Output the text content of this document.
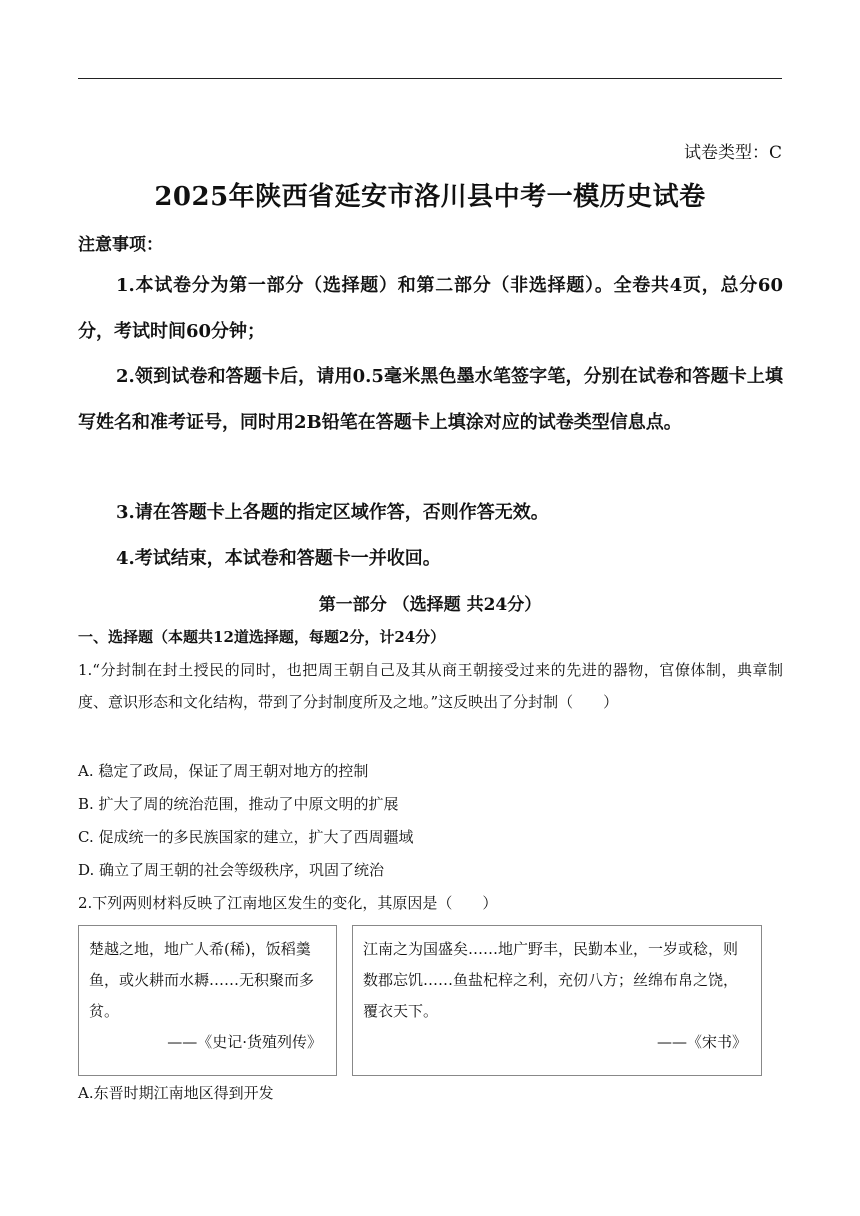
试卷类型：C
2025年陕西省延安市洛川县中考一模历史试卷
注意事项：
1.本试卷分为第一部分（选择题）和第二部分（非选择题）。全卷共4页，总分60分，考试时间60分钟；
2.领到试卷和答题卡后，请用0.5毫米黑色墨水笔签字笔，分别在试卷和答题卡上填写姓名和准考证号，同时用2B铅笔在答题卡上填涂对应的试卷类型信息点。
3.请在答题卡上各题的指定区域作答，否则作答无效。
4.考试结束，本试卷和答题卡一并收回。
第一部分 （选择题 共24分）
一、选择题（本题共12道选择题，每题2分，计24分）
1.“分封制在封土授民的同时，也把周王朝自己及其从商王朝接受过来的先进的器物，官僚体制，典章制度、意识形态和文化结构，带到了分封制度所及之地。”这反映出了分封制（　　）
A. 稳定了政局，保证了周王朝对地方的控制
B. 扩大了周的统治范围，推动了中原文明的扩展
C. 促成统一的多民族国家的建立，扩大了西周疆域
D. 确立了周王朝的社会等级秩序，巩固了统治
2.下列两则材料反映了江南地区发生的变化，其原因是（　　）
楚越之地，地广人希(稀)，饭稻羹鱼，或火耕而水耨……无积聚而多贫。
——《史记·货殖列传》
江南之为国盛矣……地广野丰，民勤本业，一岁或稔，则数郡忘饥……鱼盐杞梓之利，充仞八方；丝绵布帛之饶，覆衣天下。
——《宋书》
A.东晋时期江南地区得到开发
